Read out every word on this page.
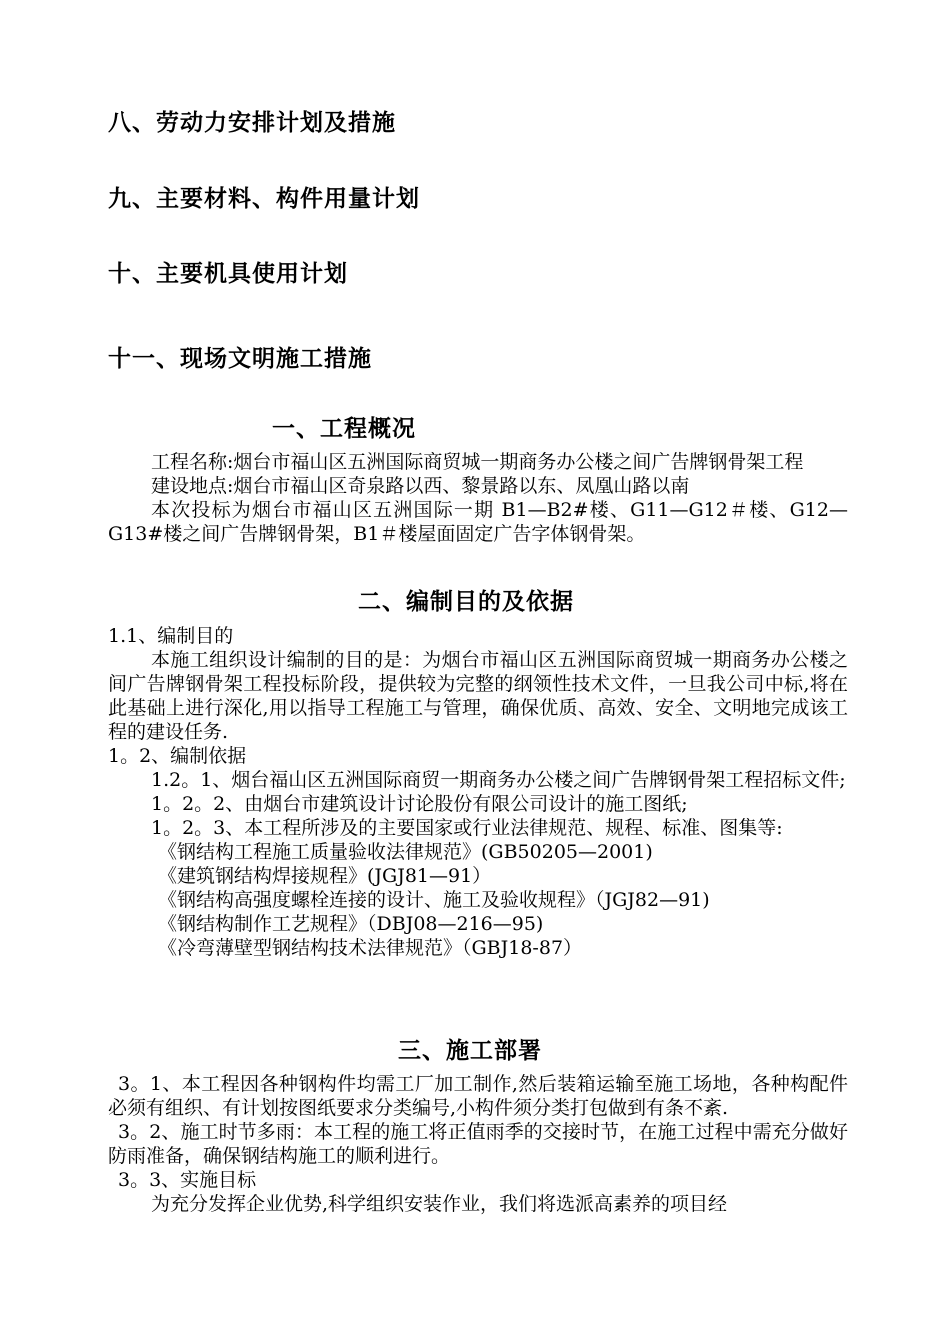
八、劳动力安排计划及措施
九、主要材料、构件用量计划
十、主要机具使用计划
十一、现场文明施工措施
一、工程概况

工程名称:烟台市福山区五洲国际商贸城一期商务办公楼之间广告牌钢骨架工程

建设地点:烟台市福山区奇泉路以西、黎景路以东、凤凰山路以南

本次投标为烟台市福山区五洲国际一期 B1—B2#楼、G11—G12＃楼、G12—G13#楼之间广告牌钢骨架，B1＃楼屋面固定广告字体钢骨架。

二、编制目的及依据

1.1、编制目的

本施工组织设计编制的目的是：为烟台市福山区五洲国际商贸城一期商务办公楼之间广告牌钢骨架工程投标阶段，提供较为完整的纲领性技术文件，一旦我公司中标,将在此基础上进行深化,用以指导工程施工与管理，确保优质、高效、安全、文明地完成该工程的建设任务.

1。2、编制依据

1.2。1、烟台福山区五洲国际商贸一期商务办公楼之间广告牌钢骨架工程招标文件;

1。2。2、由烟台市建筑设计讨论股份有限公司设计的施工图纸;

1。2。3、本工程所涉及的主要国家或行业法律规范、规程、标准、图集等:

《钢结构工程施工质量验收法律规范》(GB50205—2001)

《建筑钢结构焊接规程》(JGJ81—91）

《钢结构高强度螺栓连接的设计、施工及验收规程》（JGJ82—91)

《钢结构制作工艺规程》（DBJ08—216—95)

《冷弯薄壁型钢结构技术法律规范》（GBJ18-87）

三、施工部署

3。1、本工程因各种钢构件均需工厂加工制作,然后装箱运输至施工场地，各种构配件必须有组织、有计划按图纸要求分类编号,小构件须分类打包做到有条不紊.

3。2、施工时节多雨：本工程的施工将正值雨季的交接时节，在施工过程中需充分做好防雨准备，确保钢结构施工的顺利进行。

3。3、实施目标

为充分发挥企业优势,科学组织安装作业，我们将选派高素养的项目经
